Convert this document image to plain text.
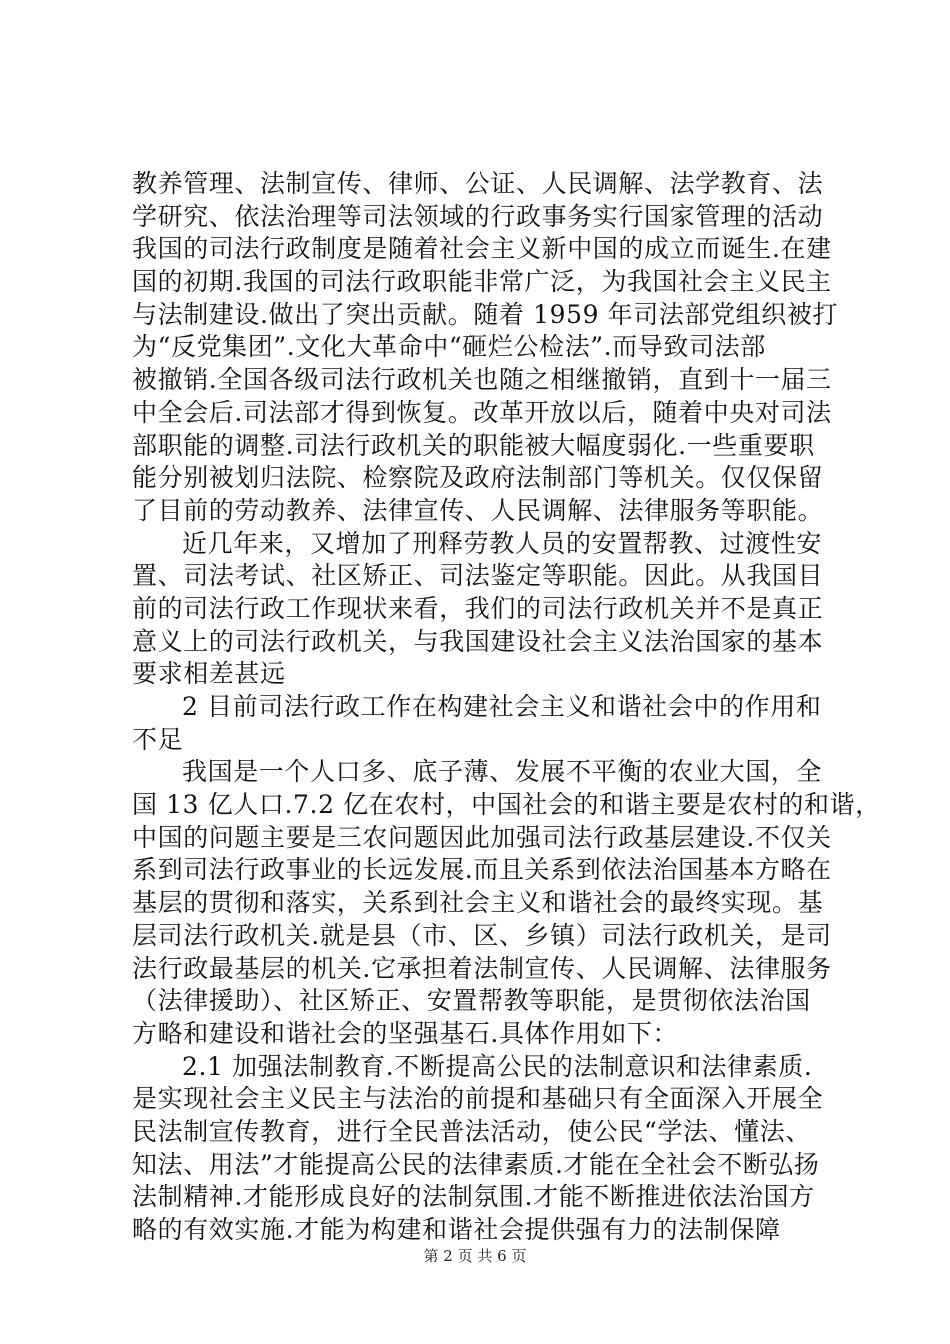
教养管理、法制宣传、律师、公证、人民调解、法学教育、法
学研究、依法治理等司法领域的行政事务实行国家管理的活动
我国的司法行政制度是随着社会主义新中国的成立而诞生.在建
国的初期.我国的司法行政职能非常广泛，为我国社会主义民主
与法制建设.做出了突出贡献。随着 1959 年司法部党组织被打
为“反党集团”.文化大革命中“砸烂公检法”.而导致司法部
被撤销.全国各级司法行政机关也随之相继撤销，直到十一届三
中全会后.司法部才得到恢复。改革开放以后，随着中央对司法
部职能的调整.司法行政机关的职能被大幅度弱化.一些重要职
能分别被划归法院、检察院及政府法制部门等机关。仅仅保留
了目前的劳动教养、法律宣传、人民调解、法律服务等职能。
近几年来，又增加了刑释劳教人员的安置帮教、过渡性安
置、司法考试、社区矫正、司法鉴定等职能。因此。从我国目
前的司法行政工作现状来看，我们的司法行政机关并不是真正
意义上的司法行政机关，与我国建设社会主义法治国家的基本
要求相差甚远
2 目前司法行政工作在构建社会主义和谐社会中的作用和
不足
我国是一个人口多、底子薄、发展不平衡的农业大国，全
国 13 亿人口.7.2 亿在农村，中国社会的和谐主要是农村的和谐，
中国的问题主要是三农问题因此加强司法行政基层建设.不仅关
系到司法行政事业的长远发展.而且关系到依法治国基本方略在
基层的贯彻和落实，关系到社会主义和谐社会的最终实现。基
层司法行政机关.就是县（市、区、乡镇）司法行政机关，是司
法行政最基层的机关.它承担着法制宣传、人民调解、法律服务
（法律援助）、社区矫正、安置帮教等职能，是贯彻依法治国
方略和建设和谐社会的坚强基石.具体作用如下：
2.1 加强法制教育.不断提高公民的法制意识和法律素质.
是实现社会主义民主与法治的前提和基础只有全面深入开展全
民法制宣传教育，进行全民普法活动，使公民“学法、懂法、
知法、用法”才能提高公民的法律素质.才能在全社会不断弘扬
法制精神.才能形成良好的法制氛围.才能不断推进依法治国方
略的有效实施.才能为构建和谐社会提供强有力的法制保障
第 2 页 共 6 页
